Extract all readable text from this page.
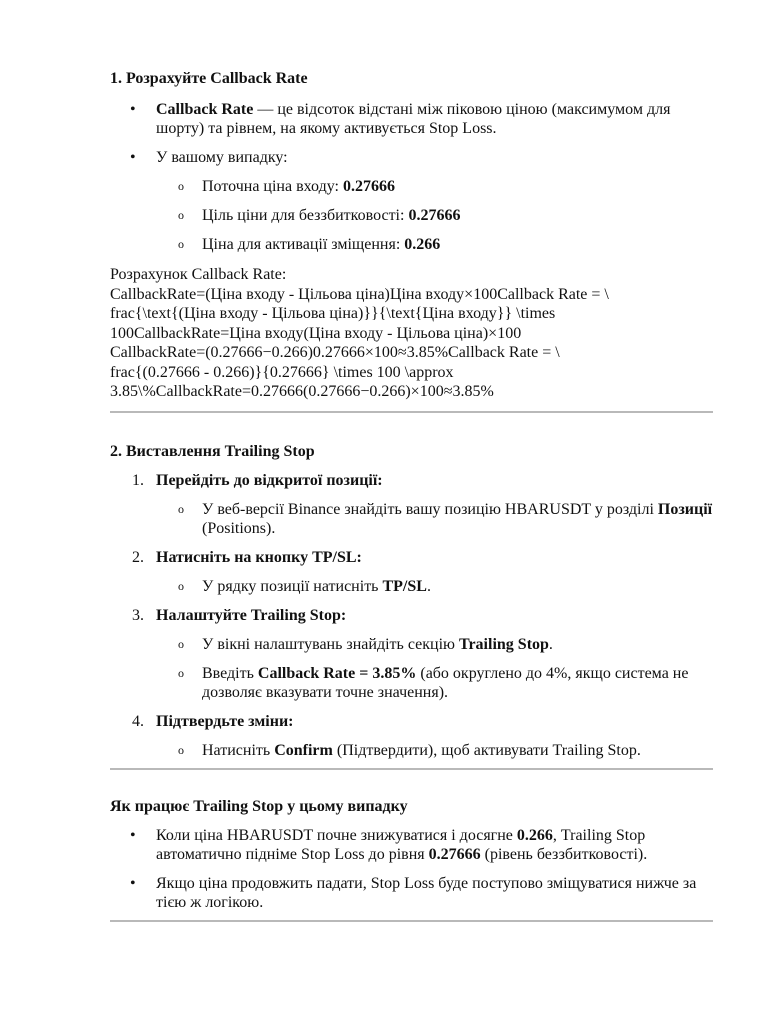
1. Розрахуйте Callback Rate
• Callback Rate — це відсоток відстані між піковою ціною (максимумом для шорту) та рівнем, на якому активується Stop Loss.
• У вашому випадку:
o Поточна ціна входу: 0.27666
o Ціль ціни для беззбитковості: 0.27666
o Ціна для активації зміщення: 0.266
Розрахунок Callback Rate:
CallbackRate=(Ціна входу - Цільова ціна)Ціна входу×100Callback Rate = \
frac{\text{(Ціна входу - Цільова ціна)}}{\text{Ціна входу}} \times
100CallbackRate=Ціна входу(Ціна входу - Цільова ціна)​×100
CallbackRate=(0.27666−0.266)0.27666×100≈3.85%Callback Rate = \
frac{(0.27666 - 0.266)}{0.27666} \times 100 \approx
3.85\%CallbackRate=0.27666(0.27666−0.266)​×100≈3.85%
2. Виставлення Trailing Stop
1. Перейдіть до відкритої позиції:
o У веб-версії Binance знайдіть вашу позицію HBARUSDT у розділі Позиції (Positions).
2. Натисніть на кнопку TP/SL:
o У рядку позиції натисніть TP/SL.
3. Налаштуйте Trailing Stop:
o У вікні налаштувань знайдіть секцію Trailing Stop.
o Введіть Callback Rate = 3.85% (або округлено до 4%, якщо система не дозволяє вказувати точне значення).
4. Підтвердьте зміни:
o Натисніть Confirm (Підтвердити), щоб активувати Trailing Stop.
Як працює Trailing Stop у цьому випадку
• Коли ціна HBARUSDT почне знижуватися і досягне 0.266, Trailing Stop автоматично підніме Stop Loss до рівня 0.27666 (рівень беззбитковості).
• Якщо ціна продовжить падати, Stop Loss буде поступово зміщуватися нижче за тією ж логікою.
